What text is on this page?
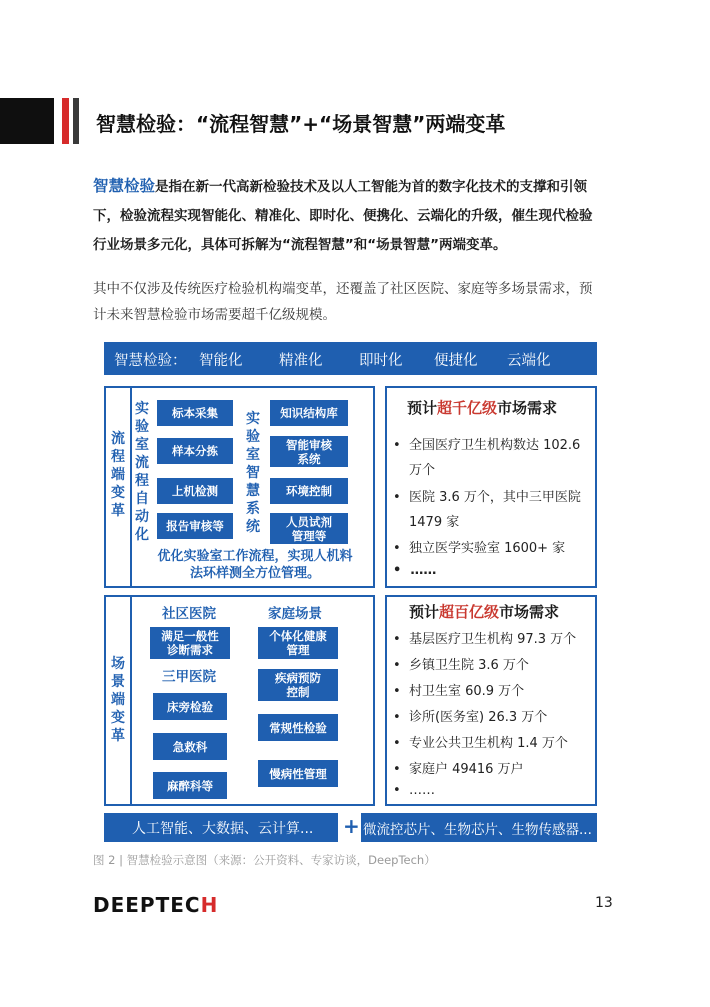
智慧检验：“流程智慧”+“场景智慧”两端变革
智慧检验是指在新一代高新检验技术及以人工智能为首的数字化技术的支撑和引领
下，检验流程实现智能化、精准化、即时化、便携化、云端化的升级，催生现代检验
行业场景多元化，具体可拆解为“流程智慧”和“场景智慧”两端变革。
其中不仅涉及传统医疗检验机构端变革，还覆盖了社区医院、家庭等多场景需求，预
计未来智慧检验市场需要超千亿级规模。
智慧检验： 智能化	精准化	即时化 便捷化 云端化
流
程
端
变
革
实
验
室
流
程
自
动
化
标本采集
样本分拣
上机检测
报告审核等
实
验
室
智
慧
系
统
知识结构库
智能审核系统
环境控制
人员试剂管理等
优化实验室工作流程，实现人机料
法环样测全方位管理。
预计超千亿级市场需求
•  全国医疗卫生机构数达 102.6
万个
•  医院 3.6 万个，其中三甲医院
1479 家
•  独立医学实验室 1600+ 家
•  ……
场
景
端
变
革
社区医院
满足一般性诊断需求
三甲医院
床旁检验
急救科
麻醉科等
家庭场景
个体化健康管理
疾病预防控制
常规性检验
慢病性管理
预计超百亿级市场需求
•  基层医疗卫生机构 97.3 万个
•  乡镇卫生院 3.6 万个
•  村卫生室 60.9 万个
•  诊所(医务室) 26.3 万个
•  专业公共卫生机构 1.4 万个
•  家庭户 49416 万户
•  ……
人工智能、大数据、云计算...	+ 微流控芯片、生物芯片、生物传感器...
图 2 | 智慧检验示意图（来源：公开资料、专家访谈，DeepTech）
DEEPTECH	13
